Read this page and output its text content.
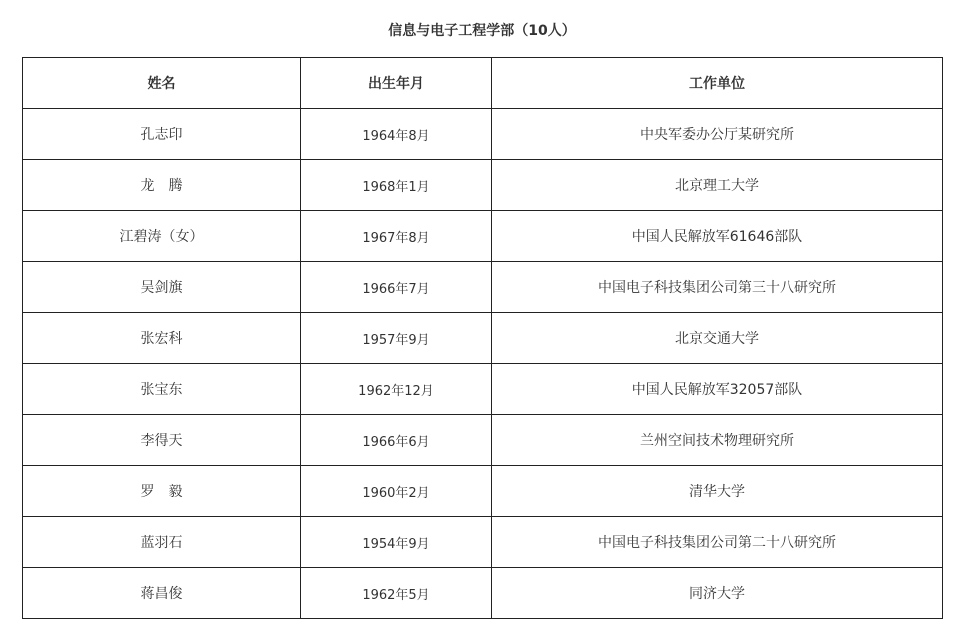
信息与电子工程学部（10人）
姓名	出生年月	工作单位
孔志印	1964年8月	中央军委办公厅某研究所
龙　腾	1968年1月	北京理工大学
江碧涛（女）	1967年8月	中国人民解放军61646部队
吴剑旗	1966年7月	中国电子科技集团公司第三十八研究所
张宏科	1957年9月	北京交通大学
张宝东	1962年12月	中国人民解放军32057部队
李得天	1966年6月	兰州空间技术物理研究所
罗　毅	1960年2月	清华大学
蓝羽石	1954年9月	中国电子科技集团公司第二十八研究所
蒋昌俊	1962年5月	同济大学
